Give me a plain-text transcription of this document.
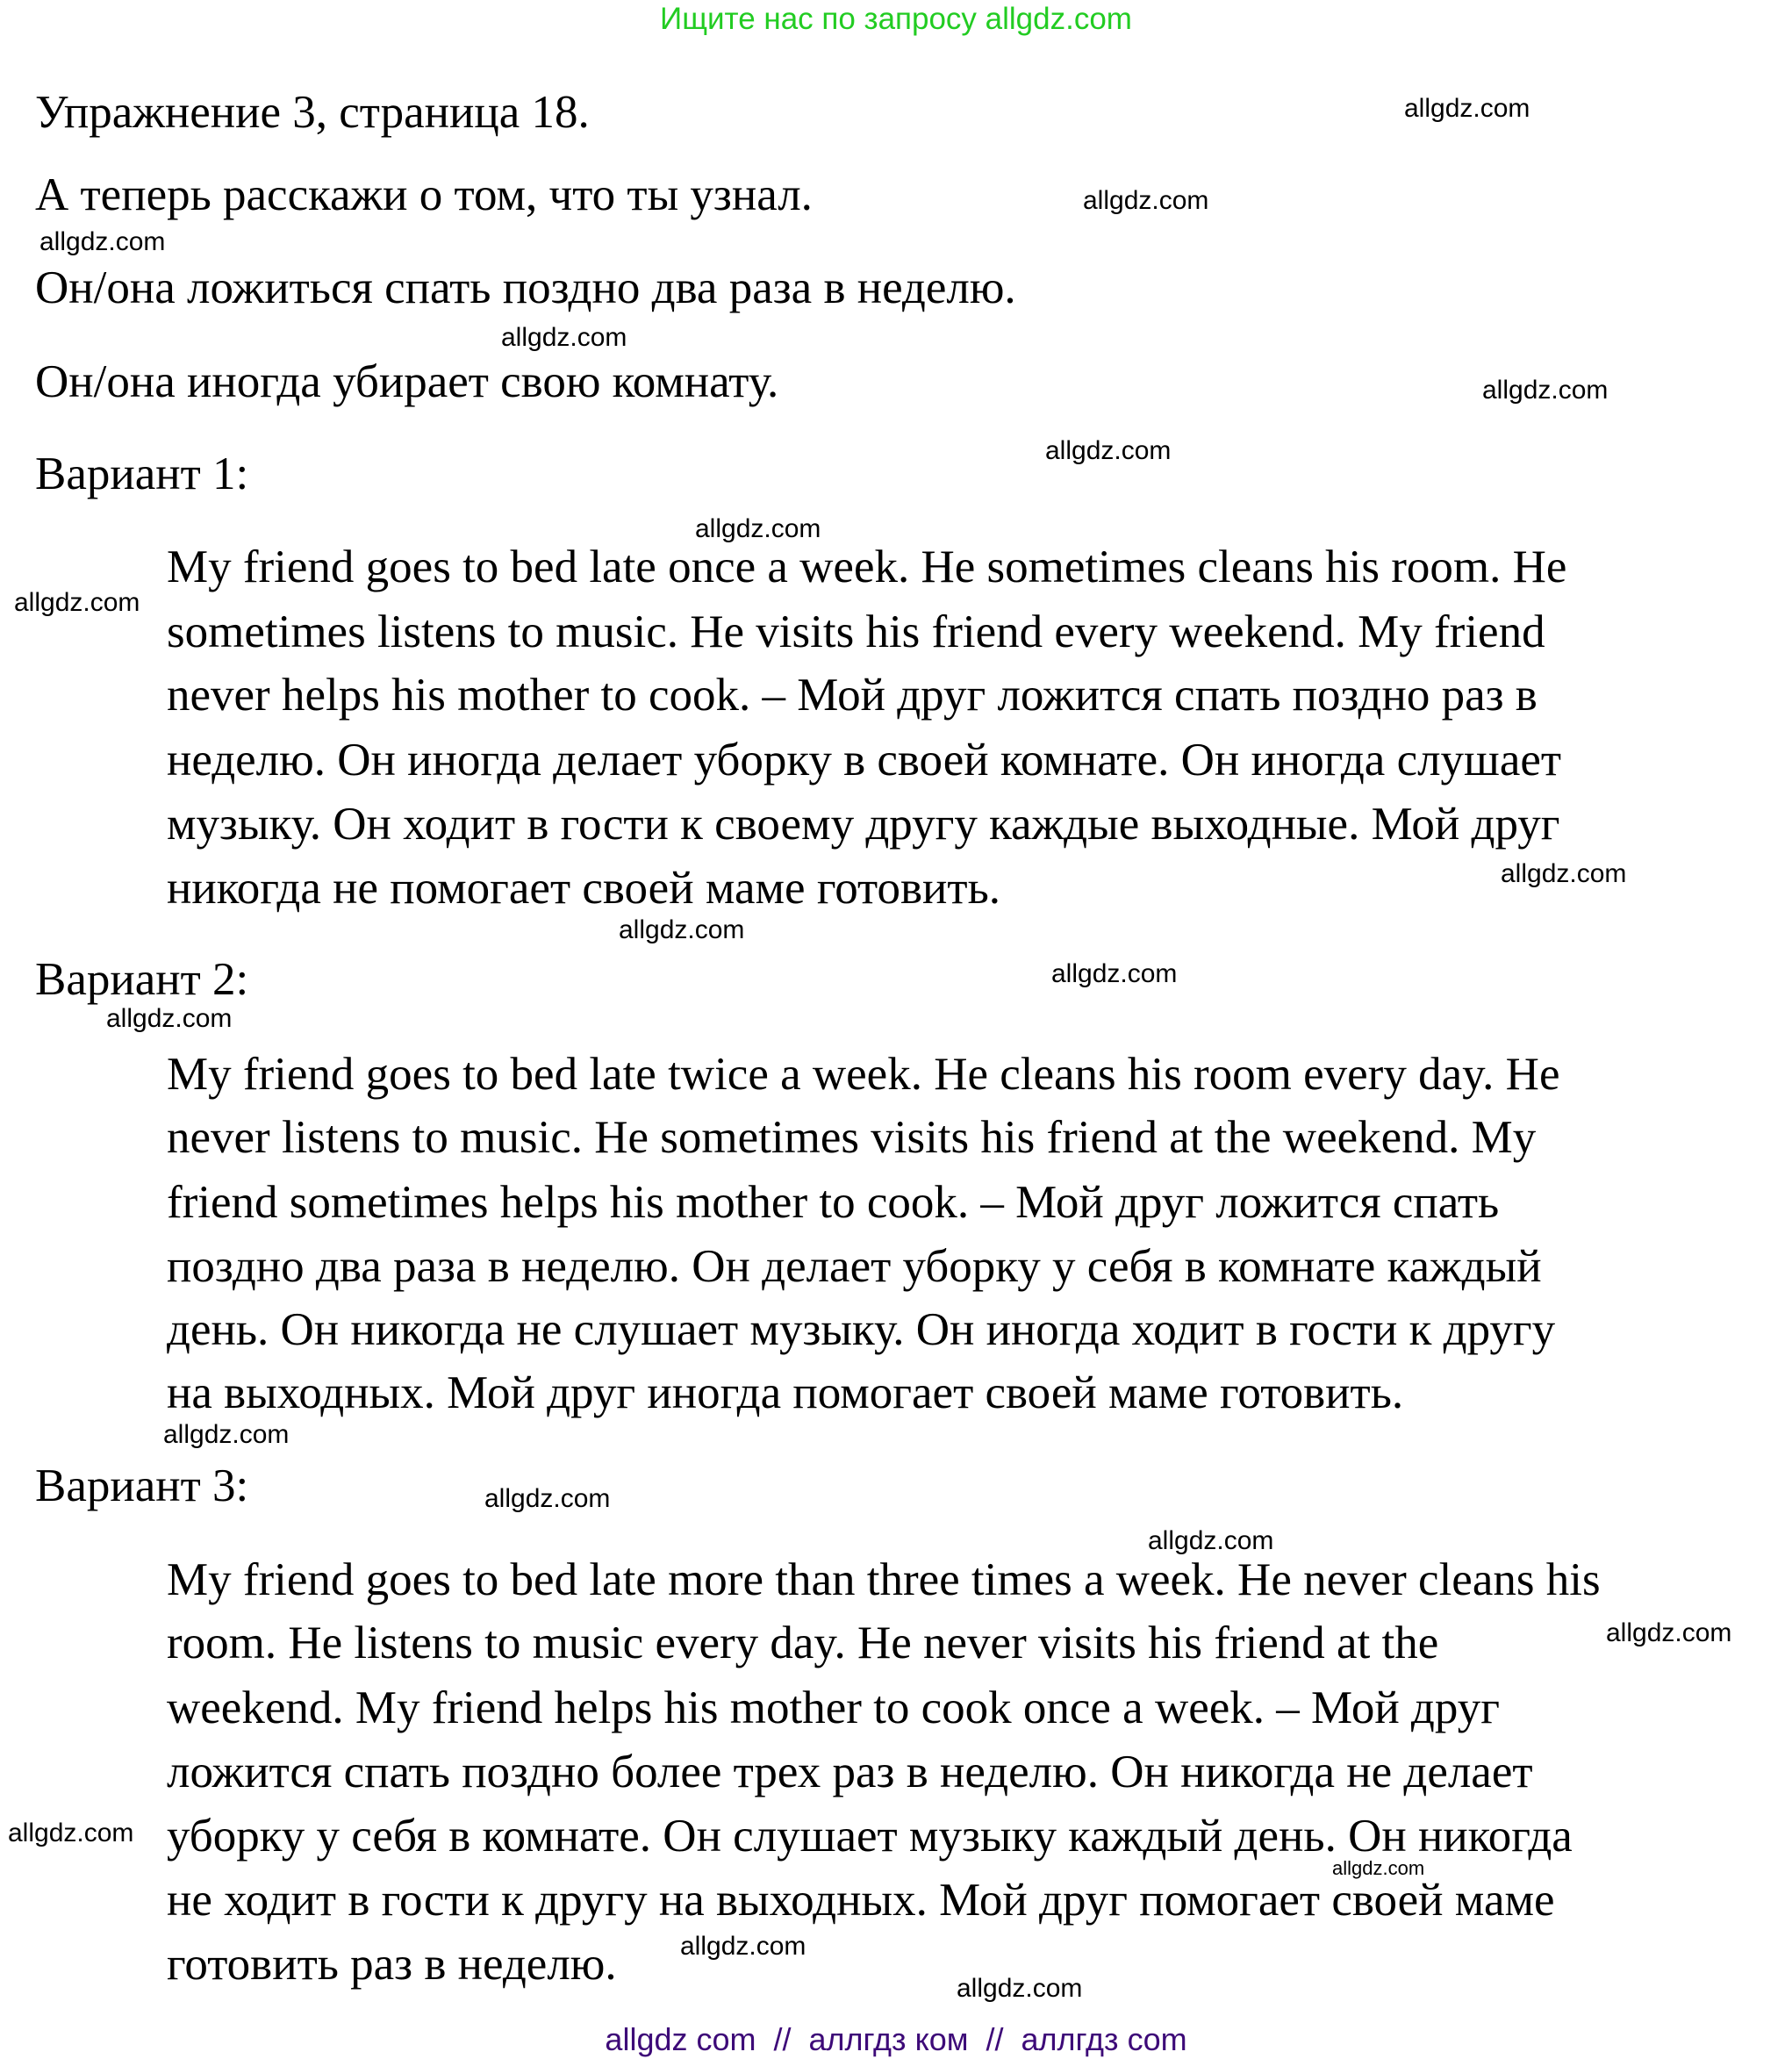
Ищите нас по запросу allgdz.com
Упражнение 3, страница 18.
А теперь расскажи о том, что ты узнал.
Он/она ложиться спать поздно два раза в неделю.
Он/она иногда убирает свою комнату.
Вариант 1:
My friend goes to bed late once a week. He sometimes cleans his room. He
sometimes listens to music. He visits his friend every weekend. My friend
never helps his mother to cook. – Мой друг ложится спать поздно раз в
неделю. Он иногда делает уборку в своей комнате. Он иногда слушает
музыку. Он ходит в гости к своему другу каждые выходные. Мой друг
никогда не помогает своей маме готовить.
Вариант 2:
My friend goes to bed late twice a week. He cleans his room every day. He
never listens to music. He sometimes visits his friend at the weekend. My
friend sometimes helps his mother to cook. – Мой друг ложится спать
поздно два раза в неделю. Он делает уборку у себя в комнате каждый
день. Он никогда не слушает музыку. Он иногда ходит в гости к другу
на выходных. Мой друг иногда помогает своей маме готовить.
Вариант 3:
My friend goes to bed late more than three times a week. He never cleans his
room. He listens to music every day. He never visits his friend at the
weekend. My friend helps his mother to cook once a week. – Мой друг
ложится спать поздно более трех раз в неделю. Он никогда не делает
уборку у себя в комнате. Он слушает музыку каждый день. Он никогда
не ходит в гости к другу на выходных. Мой друг помогает своей маме
готовить раз в неделю.
allgdz.com
allgdz.com
allgdz.com
allgdz.com
allgdz.com
allgdz.com
allgdz.com
allgdz.com
allgdz.com
allgdz.com
allgdz.com
allgdz.com
allgdz.com
allgdz.com
allgdz.com
allgdz.com
allgdz.com
allgdz.com
allgdz.com
allgdz.com
allgdz com  //  аллгдз ком  //  аллгдз com
